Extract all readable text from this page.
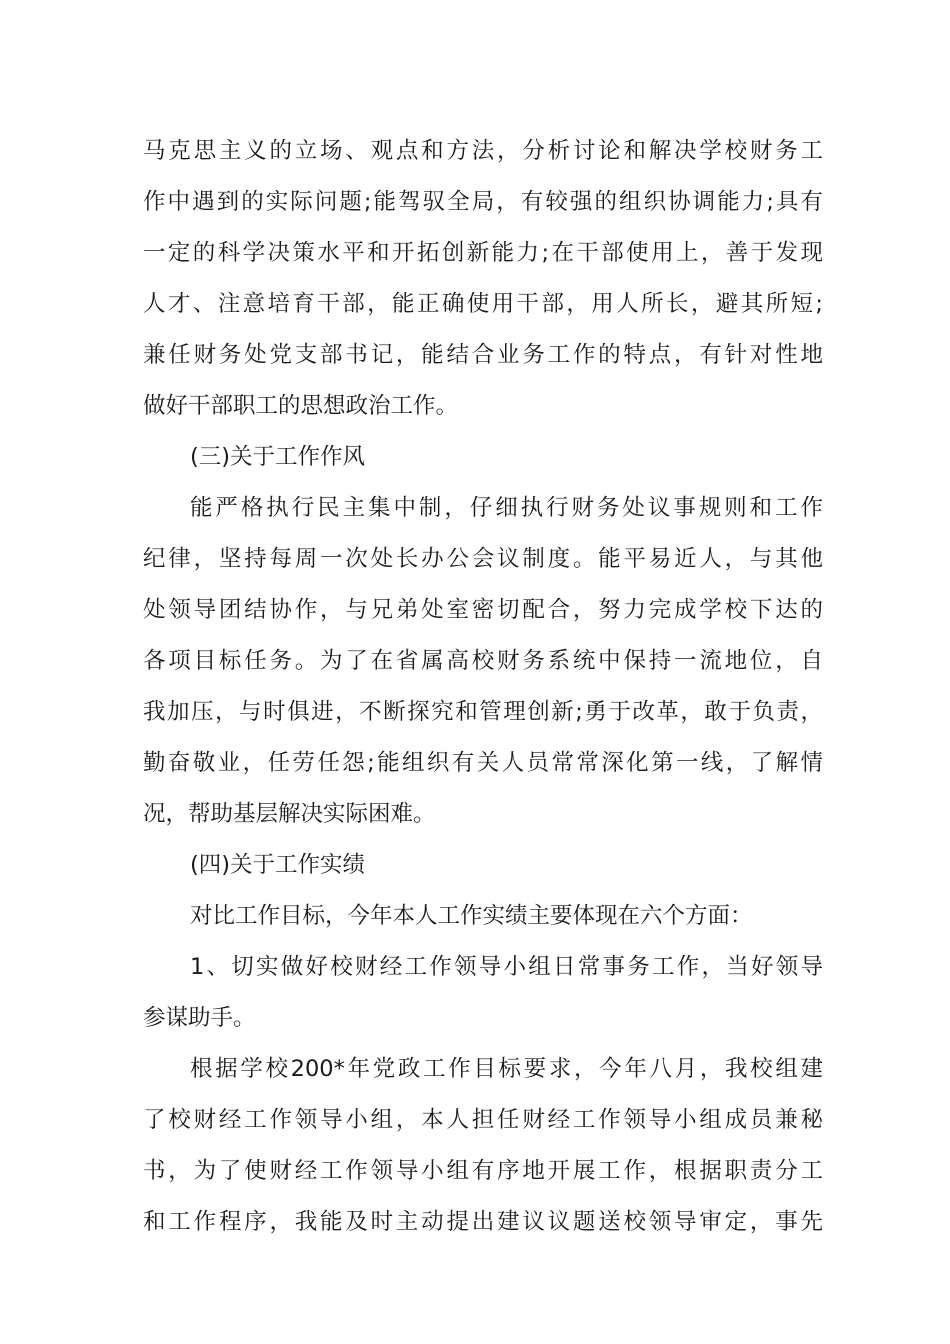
马克思主义的立场、观点和方法，分析讨论和解决学校财务工
作中遇到的实际问题;能驾驭全局，有较强的组织协调能力;具有
一定的科学决策水平和开拓创新能力;在干部使用上，善于发现
人才、注意培育干部，能正确使用干部，用人所长，避其所短;
兼任财务处党支部书记，能结合业务工作的特点，有针对性地
做好干部职工的思想政治工作。
(三)关于工作作风
能严格执行民主集中制，仔细执行财务处议事规则和工作
纪律，坚持每周一次处长办公会议制度。能平易近人，与其他
处领导团结协作，与兄弟处室密切配合，努力完成学校下达的
各项目标任务。为了在省属高校财务系统中保持一流地位，自
我加压，与时俱进，不断探究和管理创新;勇于改革，敢于负责，
勤奋敬业，任劳任怨;能组织有关人员常常深化第一线，了解情
况，帮助基层解决实际困难。
(四)关于工作实绩
对比工作目标，今年本人工作实绩主要体现在六个方面：
1、切实做好校财经工作领导小组日常事务工作，当好领导
参谋助手。
根据学校200*年党政工作目标要求，今年八月，我校组建
了校财经工作领导小组，本人担任财经工作领导小组成员兼秘
书，为了使财经工作领导小组有序地开展工作，根据职责分工
和工作程序，我能及时主动提出建议议题送校领导审定，事先
